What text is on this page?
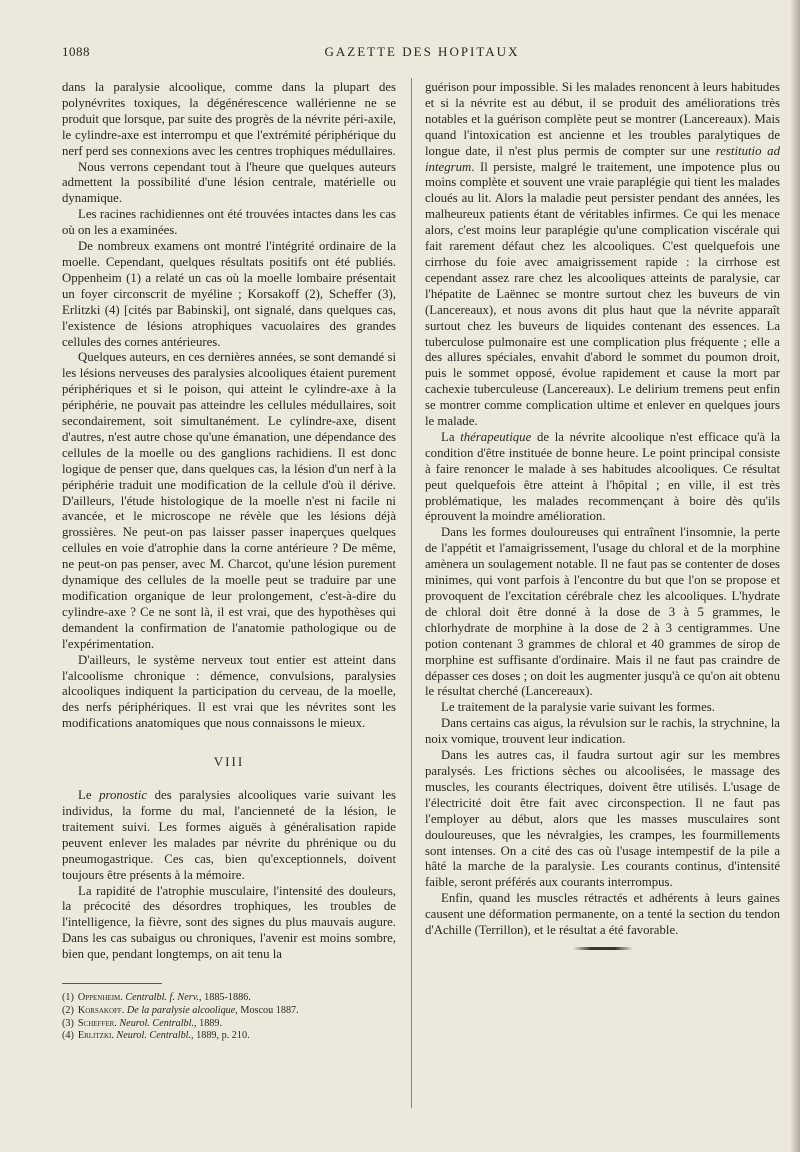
1088	GAZETTE DES HOPITAUX

dans la paralysie alcoolique, comme dans la plupart des polynévrites toxiques, la dégénérescence wallérienne ne se produit que lorsque, par suite des progrès de la névrite péri-axile, le cylindre-axe est interrompu et que l'extrémité périphérique du nerf perd ses connexions avec les centres trophiques médullaires.

Nous verrons cependant tout à l'heure que quelques auteurs admettent la possibilité d'une lésion centrale, matérielle ou dynamique.

Les racines rachidiennes ont été trouvées intactes dans les cas où on les a examinées.

De nombreux examens ont montré l'intégrité ordinaire de la moelle. Cependant, quelques résultats positifs ont été publiés. Oppenheim (1) a relaté un cas où la moelle lombaire présentait un foyer circonscrit de myéline ; Korsakoff (2), Scheffer (3), Erlitzki (4) [cités par Babinski], ont signalé, dans quelques cas, l'existence de lésions atrophiques vacuolaires des grandes cellules des cornes antérieures.

Quelques auteurs, en ces dernières années, se sont demandé si les lésions nerveuses des paralysies alcooliques étaient purement périphériques et si le poison, qui atteint le cylindre-axe à la périphérie, ne pouvait pas atteindre les cellules médullaires, soit secondairement, soit simultanément. Le cylindre-axe, disent d'autres, n'est autre chose qu'une émanation, une dépendance des cellules de la moelle ou des ganglions rachidiens. Il est donc logique de penser que, dans quelques cas, la lésion d'un nerf à la périphérie traduit une modification de la cellule d'où il dérive. D'ailleurs, l'étude histologique de la moelle n'est ni facile ni avancée, et le microscope ne révèle que les lésions déjà grossières. Ne peut-on pas laisser passer inaperçues quelques cellules en voie d'atrophie dans la corne antérieure ? De même, ne peut-on pas penser, avec M. Charcot, qu'une lésion purement dynamique des cellules de la moelle peut se traduire par une modification organique de leur prolongement, c'est-à-dire du cylindre-axe ? Ce ne sont là, il est vrai, que des hypothèses qui demandent la confirmation de l'anatomie pathologique ou de l'expérimentation.

D'ailleurs, le système nerveux tout entier est atteint dans l'alcoolisme chronique : démence, convulsions, paralysies alcooliques indiquent la participation du cerveau, de la moelle, des nerfs périphériques. Il est vrai que les névrites sont les modifications anatomiques que nous connaissons le mieux.

VIII

Le pronostic des paralysies alcooliques varie suivant les individus, la forme du mal, l'ancienneté de la lésion, le traitement suivi. Les formes aiguës à généralisation rapide peuvent enlever les malades par névrite du phrénique ou du pneumogastrique. Ces cas, bien qu'exceptionnels, doivent toujours être présents à la mémoire.

La rapidité de l'atrophie musculaire, l'intensité des douleurs, la précocité des désordres trophiques, les troubles de l'intelligence, la fièvre, sont des signes du plus mauvais augure. Dans les cas subaigus ou chroniques, l'avenir est moins sombre, bien que, pendant longtemps, on ait tenu la

(1) Oppenheim. Centralbl. f. Nerv., 1885-1886.
(2) Korsakoff. De la paralysie alcoolique, Moscou 1887.
(3) Scheffer. Neurol. Centralbl., 1889.
(4) Erlitzki. Neurol. Centralbl., 1889, p. 210.

guérison pour impossible. Si les malades renoncent à leurs habitudes et si la névrite est au début, il se produit des améliorations très notables et la guérison complète peut se montrer (Lancereaux). Mais quand l'intoxication est ancienne et les troubles paralytiques de longue date, il n'est plus permis de compter sur une restitutio ad integrum. Il persiste, malgré le traitement, une impotence plus ou moins complète et souvent une vraie paraplégie qui tient les malades cloués au lit. Alors la maladie peut persister pendant des années, les malheureux patients étant de véritables infirmes. Ce qui les menace alors, c'est moins leur paraplégie qu'une complication viscérale qui fait rarement défaut chez les alcooliques. C'est quelquefois une cirrhose du foie avec amaigrissement rapide : la cirrhose est cependant assez rare chez les alcooliques atteints de paralysie, car l'hépatite de Laënnec se montre surtout chez les buveurs de vin (Lancereaux), et nous avons dit plus haut que la névrite apparaît surtout chez les buveurs de liquides contenant des essences. La tuberculose pulmonaire est une complication plus fréquente ; elle a des allures spéciales, envahit d'abord le sommet du poumon droit, puis le sommet opposé, évolue rapidement et cause la mort par cachexie tuberculeuse (Lancereaux). Le delirium tremens peut enfin se montrer comme complication ultime et enlever en quelques jours le malade.

La thérapeutique de la névrite alcoolique n'est efficace qu'à la condition d'être instituée de bonne heure. Le point principal consiste à faire renoncer le malade à ses habitudes alcooliques. Ce résultat peut quelquefois être atteint à l'hôpital ; en ville, il est très problématique, les malades recommençant à boire dès qu'ils éprouvent la moindre amélioration.

Dans les formes douloureuses qui entraînent l'insomnie, la perte de l'appétit et l'amaigrissement, l'usage du chloral et de la morphine amènera un soulagement notable. Il ne faut pas se contenter de doses minimes, qui vont parfois à l'encontre du but que l'on se propose et provoquent de l'excitation cérébrale chez les alcooliques. L'hydrate de chloral doit être donné à la dose de 3 à 5 grammes, le chlorhydrate de morphine à la dose de 2 à 3 centigrammes. Une potion contenant 3 grammes de chloral et 40 grammes de sirop de morphine est suffisante d'ordinaire. Mais il ne faut pas craindre de dépasser ces doses ; on doit les augmenter jusqu'à ce qu'on ait obtenu le résultat cherché (Lancereaux).

Le traitement de la paralysie varie suivant les formes.

Dans certains cas aigus, la révulsion sur le rachis, la strychnine, la noix vomique, trouvent leur indication.

Dans les autres cas, il faudra surtout agir sur les membres paralysés. Les frictions sèches ou alcoolisées, le massage des muscles, les courants électriques, doivent être utilisés. L'usage de l'électricité doit être fait avec circonspection. Il ne faut pas l'employer au début, alors que les masses musculaires sont douloureuses, que les névralgies, les crampes, les fourmillements sont intenses. On a cité des cas où l'usage intempestif de la pile a hâté la marche de la paralysie. Les courants continus, d'intensité faible, seront préférés aux courants interrompus.

Enfin, quand les muscles rétractés et adhérents à leurs gaines causent une déformation permanente, on a tenté la section du tendon d'Achille (Terrillon), et le résultat a été favorable.
